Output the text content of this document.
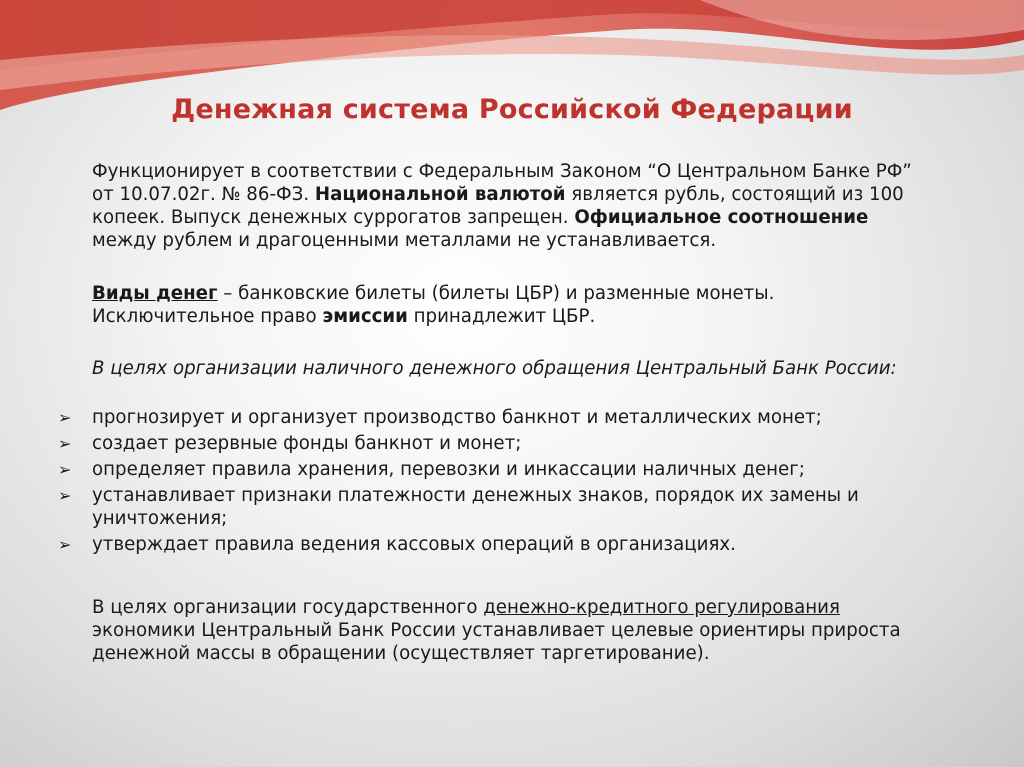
Денежная система Российской Федерации
Функционирует в соответствии с Федеральным Законом “О Центральном Банке РФ” от 10.07.02г. № 86-ФЗ. Национальной валютой является рубль, состоящий из 100 копеек. Выпуск денежных суррогатов запрещен. Официальное соотношение между рублем и драгоценными металлами не устанавливается.
Виды денег – банковские билеты (билеты ЦБР) и разменные монеты. Исключительное право эмиссии принадлежит ЦБР.
В целях организации наличного денежного обращения Центральный Банк России:
➢	прогнозирует и организует производство банкнот и металлических монет;
➢	создает резервные фонды банкнот и монет;
➢	определяет правила хранения, перевозки и инкассации наличных денег;
➢	устанавливает признаки платежности денежных знаков, порядок их замены и уничтожения;
➢	утверждает правила ведения кассовых операций в организациях.
В целях организации государственного денежно-кредитного регулирования экономики Центральный Банк России устанавливает целевые ориентиры прироста денежной массы в обращении (осуществляет таргетирование).
